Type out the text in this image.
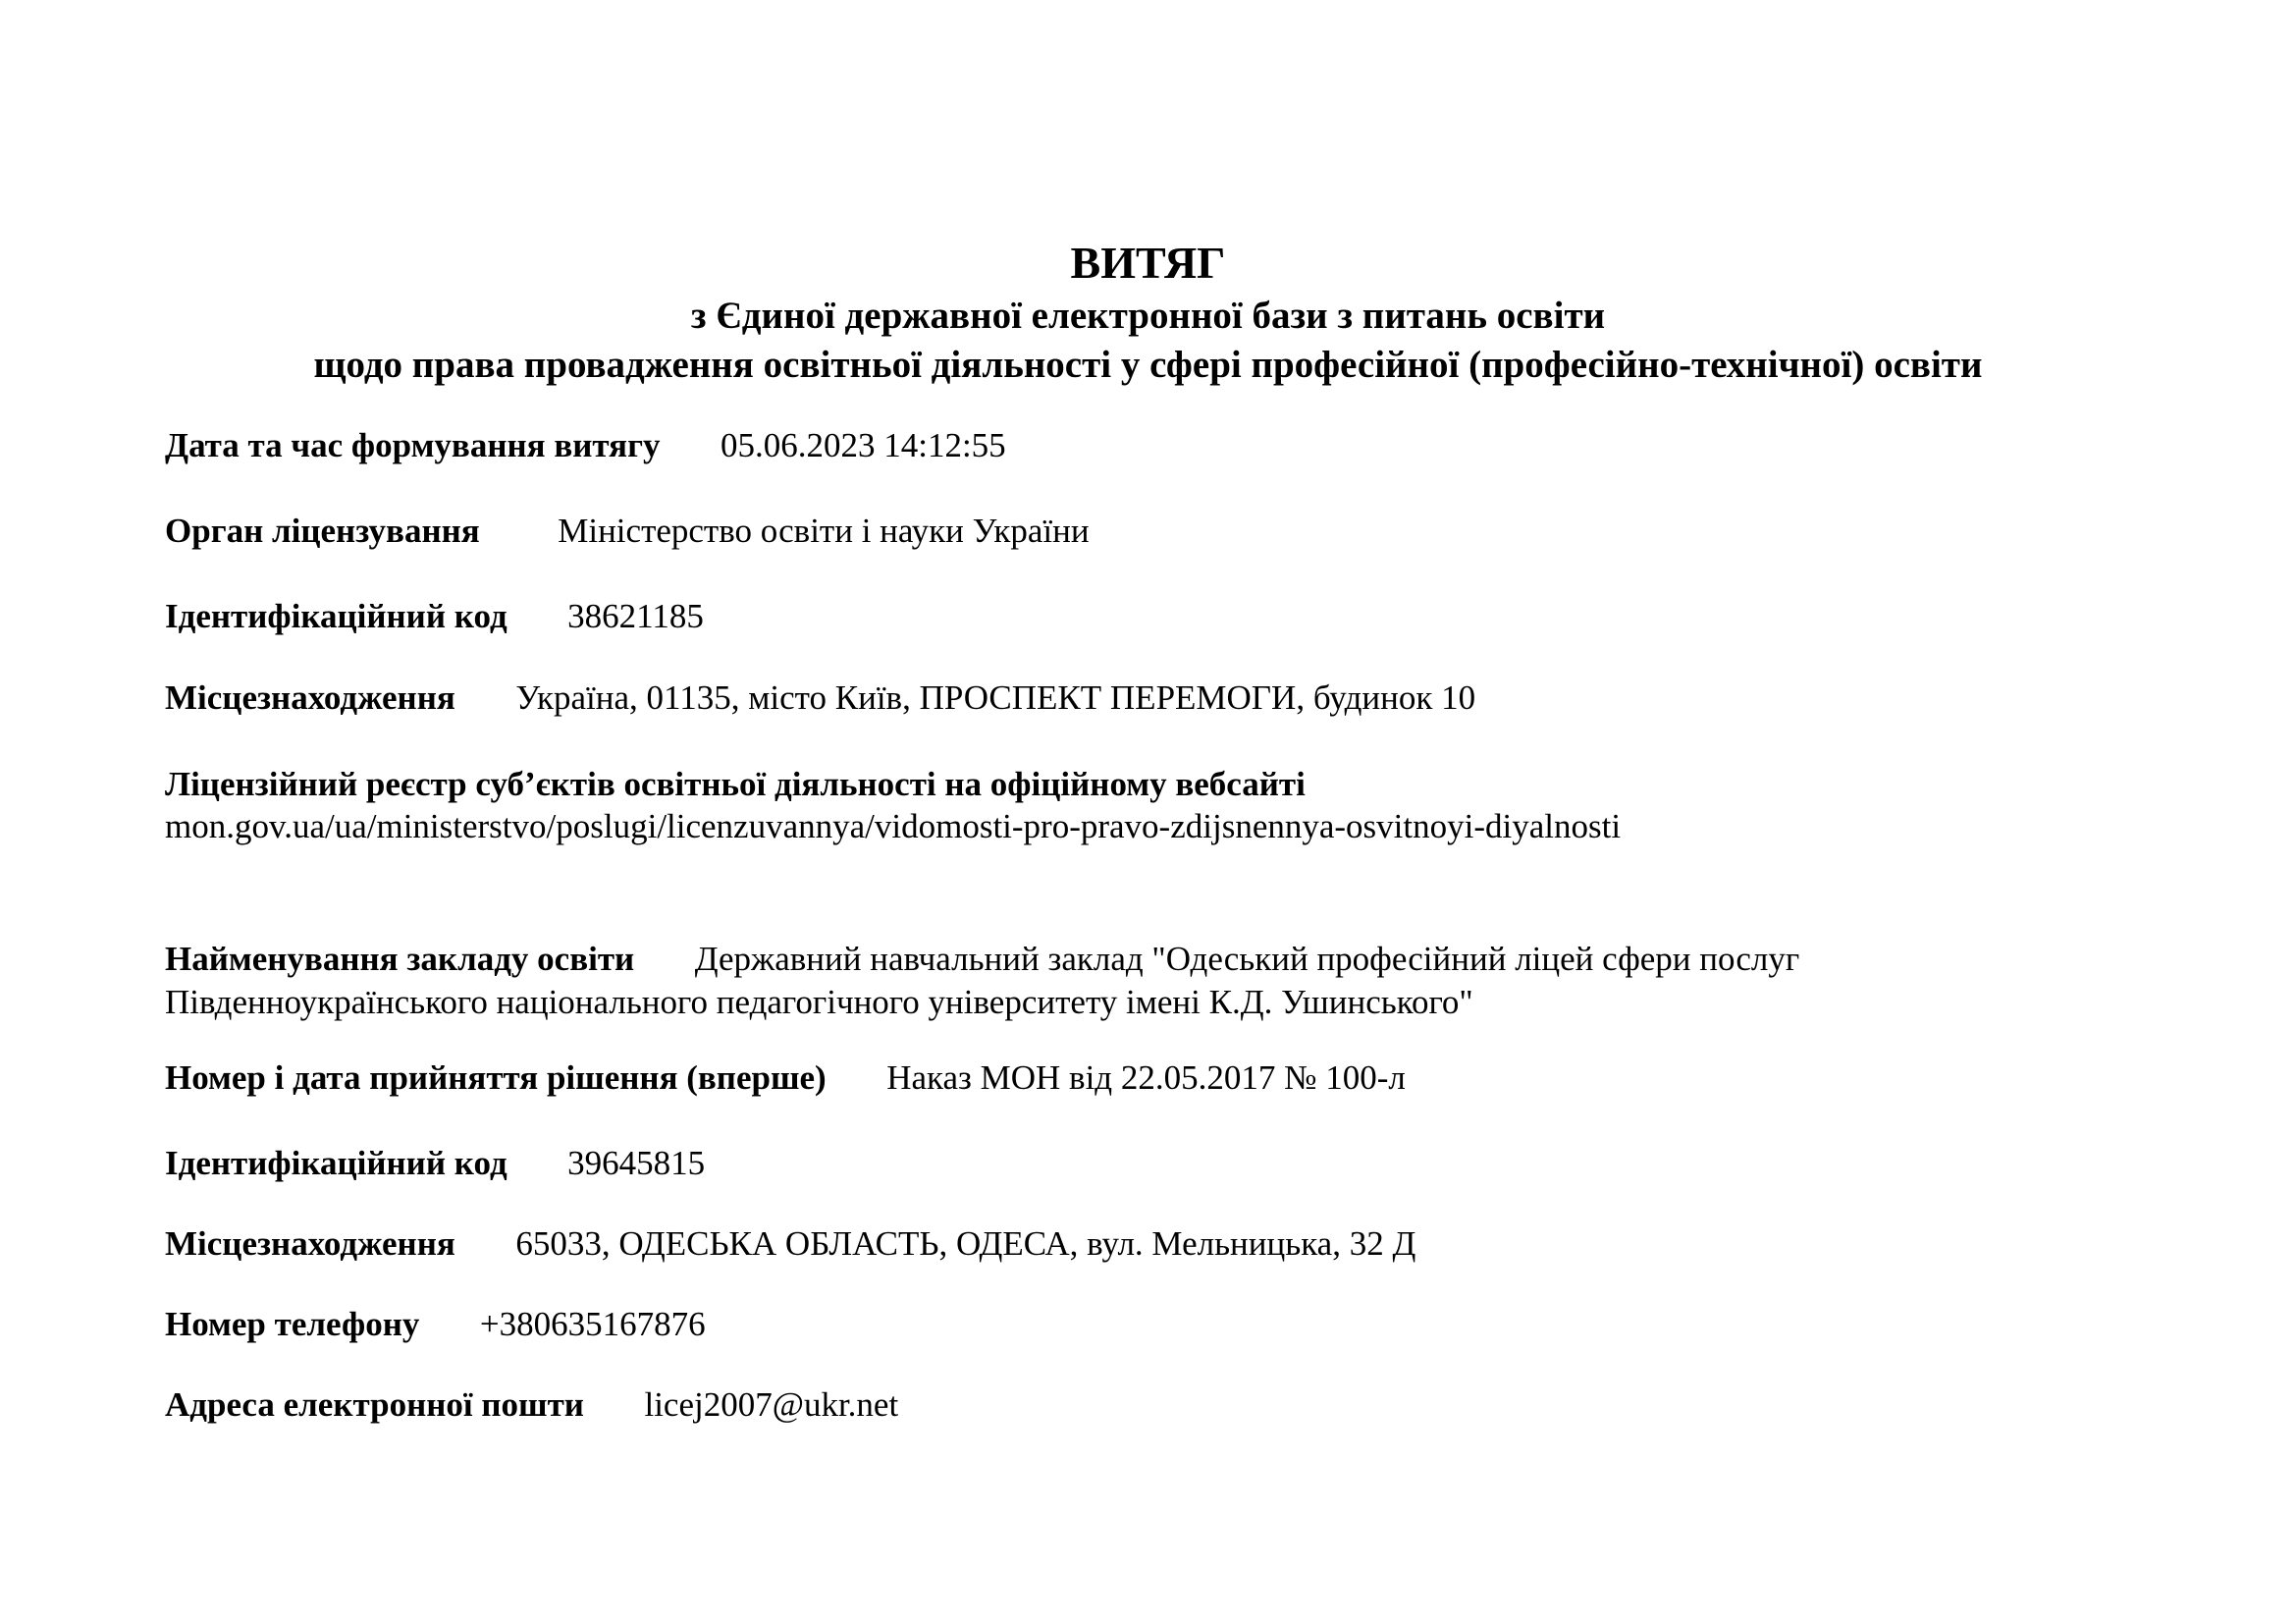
ВИТЯГ
з Єдиної державної електронної бази з питань освіти
щодо права провадження освітньої діяльності у сфері професійної (професійно-технічної) освіти
Дата та час формування витягу 05.06.2023 14:12:55
Орган ліцензування Міністерство освіти і науки України
Ідентифікаційний код 38621185
Місцезнаходження Україна, 01135, місто Київ, ПРОСПЕКТ ПЕРЕМОГИ, будинок 10
Ліцензійний реєстр суб’єктів освітньої діяльності на офіційному вебсайті
mon.gov.ua/ua/ministerstvo/poslugi/licenzuvannya/vidomosti-pro-pravo-zdijsnennya-osvitnoyi-diyalnosti
Найменування закладу освіти Державний навчальний заклад "Одеський професійний ліцей сфери послуг
Південноукраїнського національного педагогічного університету імені К.Д. Ушинського"
Номер і дата прийняття рішення (вперше) Наказ МОН від 22.05.2017 № 100-л
Ідентифікаційний код 39645815
Місцезнаходження 65033, ОДЕСЬКА ОБЛАСТЬ, ОДЕСА, вул. Мельницька, 32 Д
Номер телефону +380635167876
Адреса електронної пошти licej2007@ukr.net
